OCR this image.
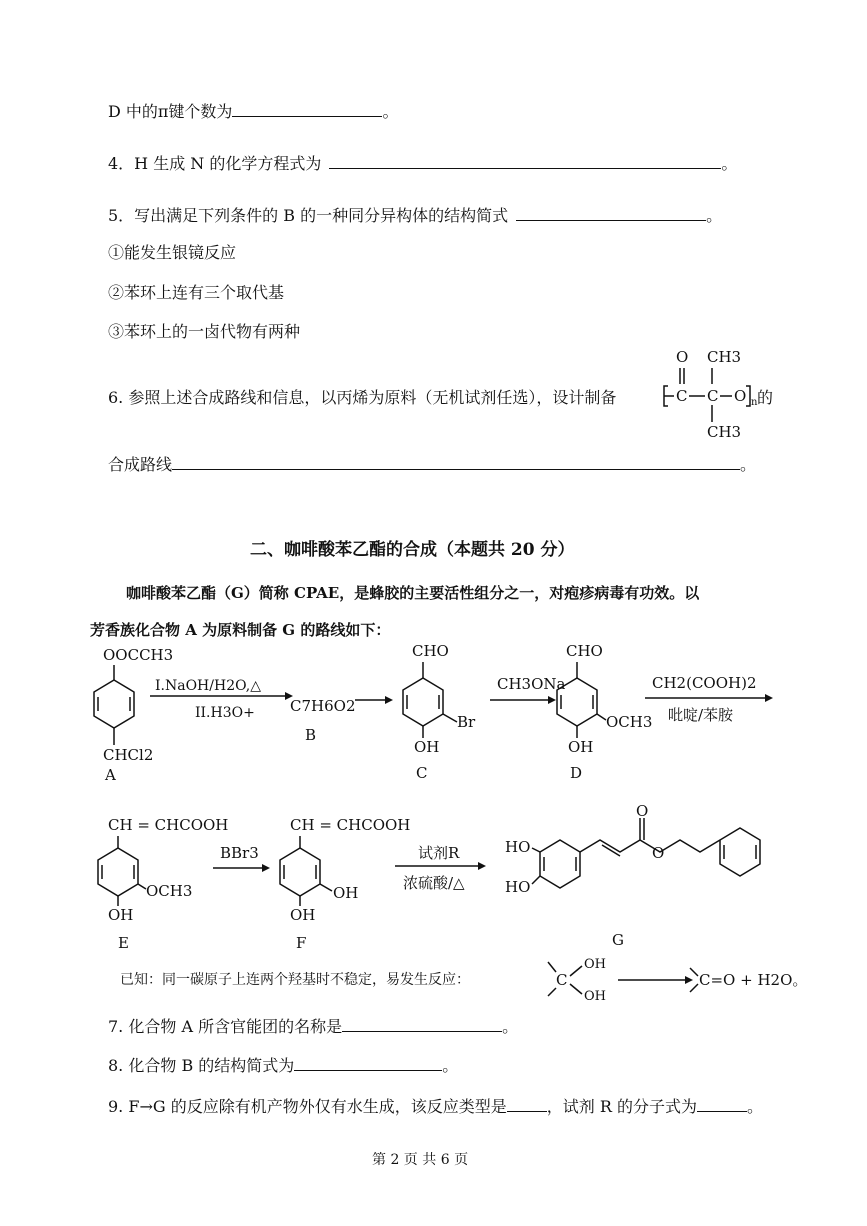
D 中的π键个数为	。
4．H 生成 N 的化学方程式为	。
5．写出满足下列条件的 B 的一种同分异构体的结构简式	。
①能发生银镜反应
②苯环上连有三个取代基
③苯环上的一卤代物有两种
6. 参照上述合成路线和信息，以丙烯为原料（无机试剂任选），设计制备	的
O
C C
CH3
CH3
O n
合成路线	。
二、咖啡酸苯乙酯的合成（本题共 20 分）
咖啡酸苯乙酯（G）简称 CPAE，是蜂胶的主要活性组分之一，对疱疹病毒有功效。以
芳香族化合物 A 为原料制备 G 的路线如下：
OOCCH3
CHCl2
A
I.NaOH/H2O,△
II.H3O+ C7H6O2
B
CHO
Br
OH
C
CH3ONa
CHO
OCH3
OH
D
CH2(COOH)2
吡啶/苯胺
CH = CHCOOH
OCH3
OH
E
BBr3
CH = CHCOOH
OH
OH
F
试剂R
浓硫酸/△
HO
HO
O
O
G
已知：同一碳原子上连两个羟基时不稳定，易发生反应：	C
OH
OH
C=O + H2O。
7. 化合物 A 所含官能团的名称是	。
8. 化合物 B 的结构简式为	。
9. F→G 的反应除有机产物外仅有水生成，该反应类型是	，试剂 R 的分子式为	。
第 2 页 共 6 页
